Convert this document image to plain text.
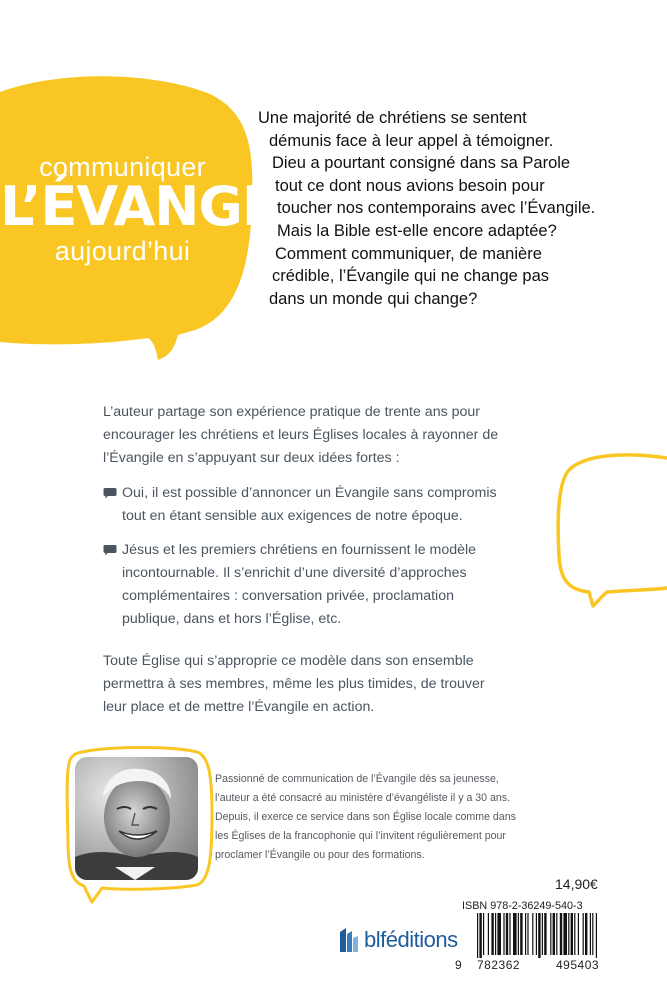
communiquer
L’ÉVANGILE
aujourd’hui
Une majorité de chrétiens se sentent
démunis face à leur appel à témoigner.
Dieu a pourtant consigné dans sa Parole
tout ce dont nous avions besoin pour
toucher nos contemporains avec l’Évangile.
Mais la Bible est-elle encore adaptée?
Comment communiquer, de manière
crédible, l’Évangile qui ne change pas
dans un monde qui change?
L’auteur partage son expérience pratique de trente ans pour
encourager les chrétiens et leurs Églises locales à rayonner de
l’Évangile en s’appuyant sur deux idées fortes :
Oui, il est possible d’annoncer un Évangile sans compromis
tout en étant sensible aux exigences de notre époque.
Jésus et les premiers chrétiens en fournissent le modèle
incontournable. Il s’enrichit d’une diversité d’approches
complémentaires : conversation privée, proclamation
publique, dans et hors l’Église, etc.
Toute Église qui s’approprie ce modèle dans son ensemble
permettra à ses membres, même les plus timides, de trouver
leur place et de mettre l’Évangile en action.
Passionné de communication de l’Évangile dès sa jeunesse,
l’auteur a été consacré au ministère d’évangéliste il y a 30 ans.
Depuis, il exerce ce service dans son Église locale comme dans
les Églises de la francophonie qui l’invitent régulièrement pour
proclamer l’Évangile ou pour des formations.
blféditions
14,90€
ISBN 978-2-36249-540-3
9 782362	495403
